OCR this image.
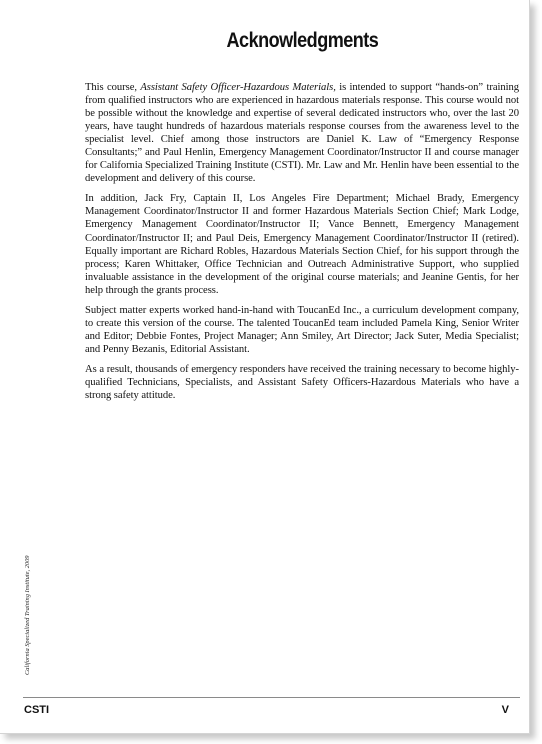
Acknowledgments

This course, Assistant Safety Officer-Hazardous Materials, is intended to support “hands-on” training from qualified instructors who are experienced in hazardous materials response. This course would not be possible without the knowledge and expertise of several dedicated instructors who, over the last 20 years, have taught hundreds of hazardous materials response courses from the awareness level to the specialist level. Chief among those instructors are Daniel K. Law of “Emergency Response Consultants;” and Paul Henlin, Emergency Management Coordinator/Instructor II and course manager for California Specialized Training Institute (CSTI). Mr. Law and Mr. Henlin have been essential to the development and delivery of this course.

In addition, Jack Fry, Captain II, Los Angeles Fire Department; Michael Brady, Emergency Management Coordinator/Instructor II and former Hazardous Materials Section Chief; Mark Lodge, Emergency Management Coordinator/Instructor II; Vance Bennett, Emergency Management Coordinator/Instructor II; and Paul Deis, Emergency Management Coordinator/Instructor II (retired). Equally important are Richard Robles, Hazardous Materials Section Chief, for his support through the process; Karen Whittaker, Office Technician and Outreach Administrative Support, who supplied invaluable assistance in the development of the original course materials; and Jeanine Gentis, for her help through the grants process.

Subject matter experts worked hand-in-hand with ToucanEd Inc., a curriculum development company, to create this version of the course. The talented ToucanEd team included Pamela King, Senior Writer and Editor; Debbie Fontes, Project Manager; Ann Smiley, Art Director; Jack Suter, Media Specialist; and Penny Bezanis, Editorial Assistant.

As a result, thousands of emergency responders have received the training necessary to become highly-qualified Technicians, Specialists, and Assistant Safety Officers-Hazardous Materials who have a strong safety attitude.

California Specialized Training Institute, 2009
CSTI	V
